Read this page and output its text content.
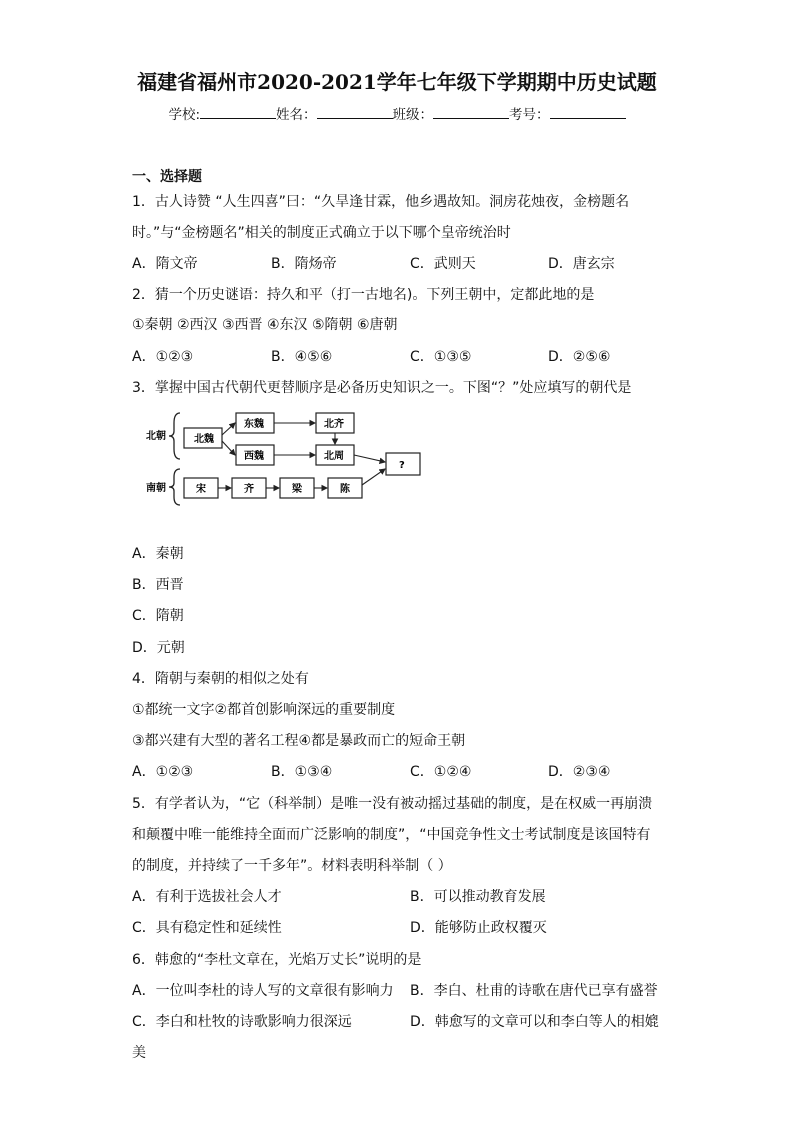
福建省福州市2020-2021学年七年级下学期期中历史试题
学校:	姓名：	班级：	考号：
一、选择题
1．古人诗赞 “人生四喜”曰：“久旱逢甘霖，他乡遇故知。洞房花烛夜，金榜题名
时。”与“金榜题名”相关的制度正式确立于以下哪个皇帝统治时
A．隋文帝	B．隋炀帝	C．武则天	D．唐玄宗
2．猜一个历史谜语：持久和平（打一古地名)。下列王朝中，定都此地的是
①秦朝 ②西汉 ③西晋 ④东汉 ⑤隋朝 ⑥唐朝
A．①②③	B．④⑤⑥	C．①③⑤	D．②⑤⑥
3．掌握中国古代朝代更替顺序是必备历史知识之一。下图“？”处应填写的朝代是
北朝
南朝
北魏
东魏
西魏
北齐
北周
?
宋	齐	梁	陈
A．秦朝
B．西晋
C．隋朝
D．元朝
4．隋朝与秦朝的相似之处有
①都统一文字②都首创影响深远的重要制度
③都兴建有大型的著名工程④都是暴政而亡的短命王朝
A．①②③	B．①③④	C．①②④	D．②③④
5．有学者认为，“它（科举制）是唯一没有被动摇过基础的制度，是在权威一再崩溃
和颠覆中唯一能维持全面而广泛影响的制度”，“中国竞争性文士考试制度是该国特有
的制度，并持续了一千多年”。材料表明科举制（ ）
A．有利于选拔社会人才	B．可以推动教育发展
C．具有稳定性和延续性	D．能够防止政权覆灭
6．韩愈的“李杜文章在，光焰万丈长”说明的是
A．一位叫李杜的诗人写的文章很有影响力 B．李白、杜甫的诗歌在唐代已享有盛誉
C．李白和杜牧的诗歌影响力很深远	D．韩愈写的文章可以和李白等人的相媲
美
